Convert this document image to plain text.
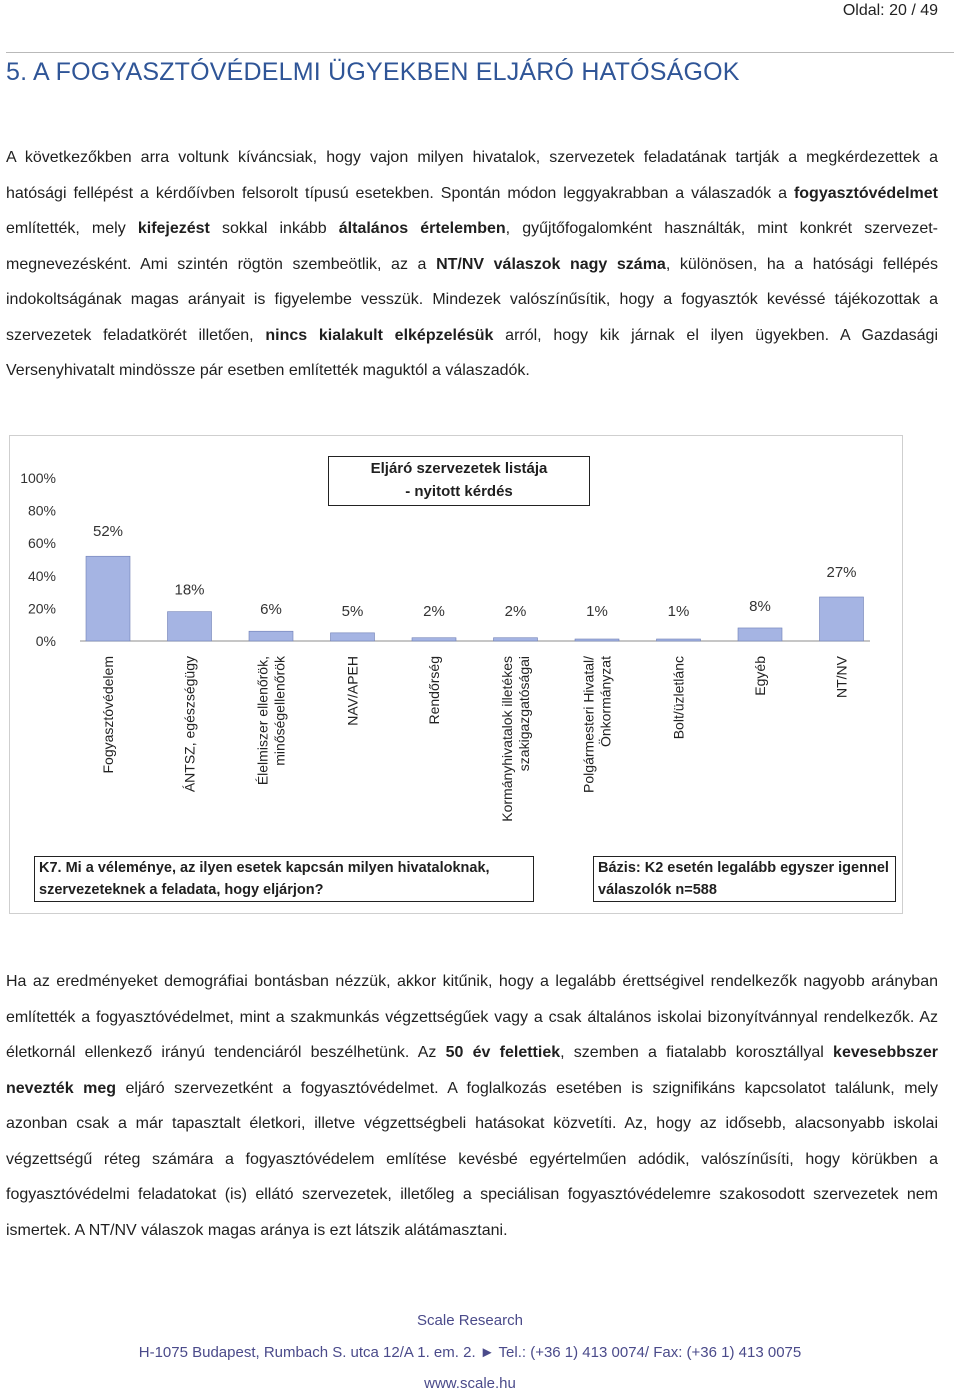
Oldal: 20 / 49
5. A FOGYASZTÓVÉDELMI ÜGYEKBEN ELJÁRÓ HATÓSÁGOK

A következőkben arra voltunk kíváncsiak, hogy vajon milyen hivatalok, szervezetek feladatának tartják a megkérdezettek a hatósági fellépést a kérdőívben felsorolt típusú esetekben. Spontán módon leggyakrabban a válaszadók a fogyasztóvédelmet említették, mely kifejezést sokkal inkább általános értelemben, gyűjtőfogalomként használták, mint konkrét szervezet-megnevezésként. Ami szintén rögtön szembeötlik, az a NT/NV válaszok nagy száma, különösen, ha a hatósági fellépés indokoltságának magas arányait is figyelembe vesszük. Mindezek valószínűsítik, hogy a fogyasztók kevéssé tájékozottak a szervezetek feladatkörét illetően, nincs kialakult elképzelésük arról, hogy kik járnak el ilyen ügyekben. A Gazdasági Versenyhivatalt mindössze pár esetben említették maguktól a válaszadók.

100%
80%
60%
40%
20%
0%
52%
Fogyasztóvédelem
18%
ÁNTSZ, egészségügy
6%
Élelmiszer ellenőrök, minőségellenőrök
5%
NAV/APEH
2%
Rendőrség
2%
Kormányhivatalok illetékes szakigazgatóságai
1%
Polgármesteri Hivatal/ Önkormányzat
1%
Bolt/üzletlánc
8%
Egyéb
27%
NT/NV
Eljáró szervezetek listája
- nyitott kérdés
K7. Mi a véleménye, az ilyen esetek kapcsán milyen hivataloknak,
szervezeteknek a feladata, hogy eljárjon?
Bázis: K2 esetén legalább egyszer igennel
válaszolók n=588

Ha az eredményeket demográfiai bontásban nézzük, akkor kitűnik, hogy a legalább érettségivel rendelkezők nagyobb arányban említették a fogyasztóvédelmet, mint a szakmunkás végzettségűek vagy a csak általános iskolai bizonyítvánnyal rendelkezők. Az életkornál ellenkező irányú tendenciáról beszélhetünk. Az 50 év felettiek, szemben a fiatalabb korosztállyal kevesebbszer nevezték meg eljáró szervezetként a fogyasztóvédelmet. A foglalkozás esetében is szignifikáns kapcsolatot találunk, mely azonban csak a már tapasztalt életkori, illetve végzettségbeli hatásokat közvetíti. Az, hogy az idősebb, alacsonyabb iskolai végzettségű réteg számára a fogyasztóvédelem említése kevésbé egyértelműen adódik, valószínűsíti, hogy körükben a fogyasztóvédelmi feladatokat (is) ellátó szervezetek, illetőleg a speciálisan fogyasztóvédelemre szakosodott szervezetek nem ismertek. A NT/NV válaszok magas aránya is ezt látszik alátámasztani.

Scale Research
H-1075 Budapest, Rumbach S. utca 12/A 1. em. 2. ► Tel.: (+36 1) 413 0074/ Fax: (+36 1) 413 0075
www.scale.hu
